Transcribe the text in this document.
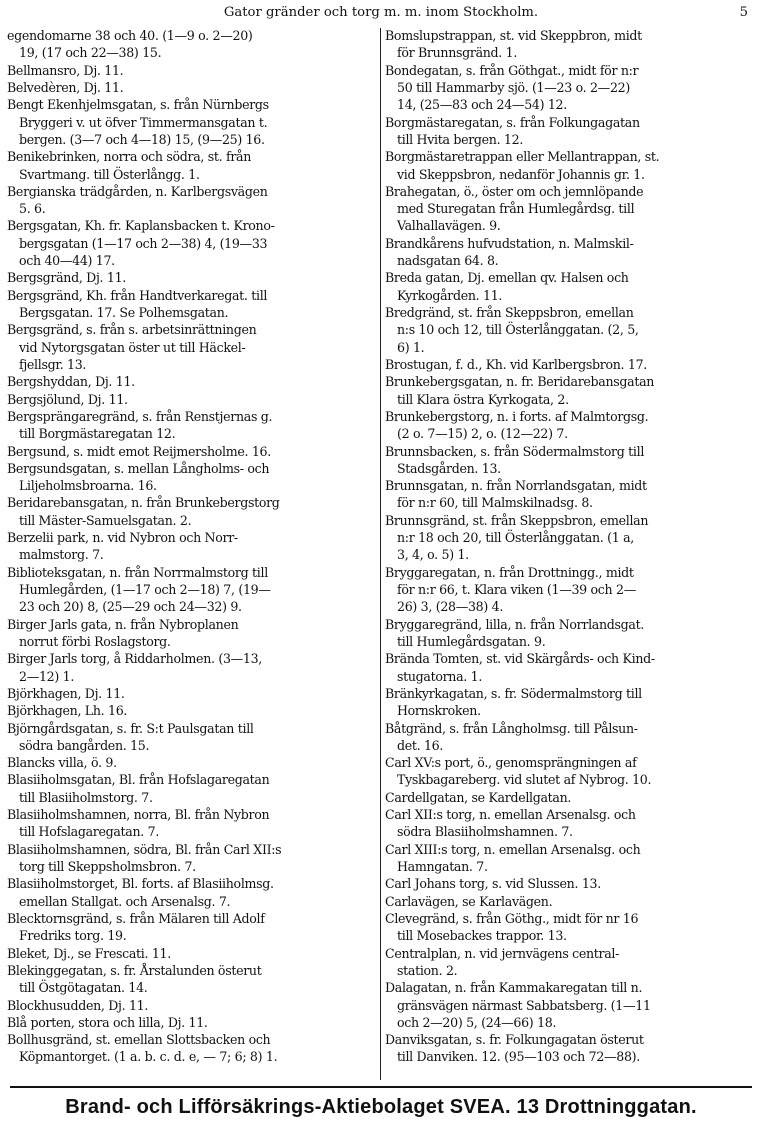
Gator gränder och torg m. m. inom Stockholm.	5
egendomarne 38 och 40. (1—9 o. 2—20)
19, (17 och 22—38) 15.
Bellmansro, Dj. 11.
Belvedèren, Dj. 11.
Bengt Ekenhjelmsgatan, s. från Nürnbergs
Bryggeri v. ut öfver Timmermansgatan t.
bergen. (3—7 och 4—18) 15, (9—25) 16.
Benikebrinken, norra och södra, st. från
Svartmang. till Österlångg. 1.
Bergianska trädgården, n. Karlbergsvägen
5. 6.
Bergsgatan, Kh. fr. Kaplansbacken t. Krono-
bergsgatan (1—17 och 2—38) 4, (19—33
och 40—44) 17.
Bergsgränd, Dj. 11.
Bergsgränd, Kh. från Handtverkaregat. till
Bergsgatan. 17. Se Polhemsgatan.
Bergsgränd, s. från s. arbetsinrättningen
vid Nytorgsgatan öster ut till Häckel-
fjellsgr. 13.
Bergshyddan, Dj. 11.
Bergsjölund, Dj. 11.
Bergsprängaregränd, s. från Renstjernas g.
till Borgmästaregatan 12.
Bergsund, s. midt emot Reijmersholme. 16.
Bergsundsgatan, s. mellan Långholms- och
Liljeholmsbroarna. 16.
Beridarebansgatan, n. från Brunkebergstorg
till Mäster-Samuelsgatan. 2.
Berzelii park, n. vid Nybron och Norr-
malmstorg. 7.
Biblioteksgatan, n. från Norrmalmstorg till
Humlegården, (1—17 och 2—18) 7, (19—
23 och 20) 8, (25—29 och 24—32) 9.
Birger Jarls gata, n. från Nybroplanen
norrut förbi Roslagstorg.
Birger Jarls torg, å Riddarholmen. (3—13,
2—12) 1.
Björkhagen, Dj. 11.
Björkhagen, Lh. 16.
Björngårdsgatan, s. fr. S:t Paulsgatan till
södra bangården. 15.
Blancks villa, ö. 9.
Blasiiholmsgatan, Bl. från Hofslagaregatan
till Blasiiholmstorg. 7.
Blasiiholmshamnen, norra, Bl. från Nybron
till Hofslagaregatan. 7.
Blasiiholmshamnen, södra, Bl. från Carl XII:s
torg till Skeppsholmsbron. 7.
Blasiiholmstorget, Bl. forts. af Blasiiholmsg.
emellan Stallgat. och Arsenalsg. 7.
Blecktornsgränd, s. från Mälaren till Adolf
Fredriks torg. 19.
Bleket, Dj., se Frescati. 11.
Blekinggegatan, s. fr. Årstalunden österut
till Östgötagatan. 14.
Blockhusudden, Dj. 11.
Blå porten, stora och lilla, Dj. 11.
Bollhusgränd, st. emellan Slottsbacken och
Köpmantorget. (1 a. b. c. d. e, — 7; 6; 8) 1.
Bomslupstrappan, st. vid Skeppbron, midt
för Brunnsgränd. 1.
Bondegatan, s. från Göthgat., midt för n:r
50 till Hammarby sjö. (1—23 o. 2—22)
14, (25—83 och 24—54) 12.
Borgmästaregatan, s. från Folkungagatan
till Hvita bergen. 12.
Borgmästaretrappan eller Mellantrappan, st.
vid Skeppsbron, nedanför Johannis gr. 1.
Brahegatan, ö., öster om och jemnlöpande
med Sturegatan från Humlegårdsg. till
Valhallavägen. 9.
Brandkårens hufvudstation, n. Malmskil-
nadsgatan 64. 8.
Breda gatan, Dj. emellan qv. Halsen och
Kyrkogården. 11.
Bredgränd, st. från Skeppsbron, emellan
n:s 10 och 12, till Österlånggatan. (2, 5,
6) 1.
Brostugan, f. d., Kh. vid Karlbergsbron. 17.
Brunkebergsgatan, n. fr. Beridarebansgatan
till Klara östra Kyrkogata, 2.
Brunkebergstorg, n. i forts. af Malmtorgsg.
(2 o. 7—15) 2, o. (12—22) 7.
Brunnsbacken, s. från Södermalmstorg till
Stadsgården. 13.
Brunnsgatan, n. från Norrlandsgatan, midt
för n:r 60, till Malmskilnadsg. 8.
Brunnsgränd, st. från Skeppsbron, emellan
n:r 18 och 20, till Österlånggatan. (1 a,
3, 4, o. 5) 1.
Bryggaregatan, n. från Drottningg., midt
för n:r 66, t. Klara viken (1—39 och 2—
26) 3, (28—38) 4.
Bryggaregränd, lilla, n. från Norrlandsgat.
till Humlegårdsgatan. 9.
Brända Tomten, st. vid Skärgårds- och Kind-
stugatorna. 1.
Bränkyrkagatan, s. fr. Södermalmstorg till
Hornskroken.
Båtgränd, s. från Långholmsg. till Pålsun-
det. 16.
Carl XV:s port, ö., genomsprängningen af
Tyskbagareberg. vid slutet af Nybrog. 10.
Cardellgatan, se Kardellgatan.
Carl XII:s torg, n. emellan Arsenalsg. och
södra Blasiiholmshamnen. 7.
Carl XIII:s torg, n. emellan Arsenalsg. och
Hamngatan. 7.
Carl Johans torg, s. vid Slussen. 13.
Carlavägen, se Karlavägen.
Clevegränd, s. från Göthg., midt för nr 16
till Mosebackes trappor. 13.
Centralplan, n. vid jernvägens central-
station. 2.
Dalagatan, n. från Kammakaregatan till n.
gränsvägen närmast Sabbatsberg. (1—11
och 2—20) 5, (24—66) 18.
Danviksgatan, s. fr. Folkungagatan österut
till Danviken. 12. (95—103 och 72—88).
Brand- och Lifförsäkrings-Aktiebolaget SVEA. 13 Drottninggatan.
